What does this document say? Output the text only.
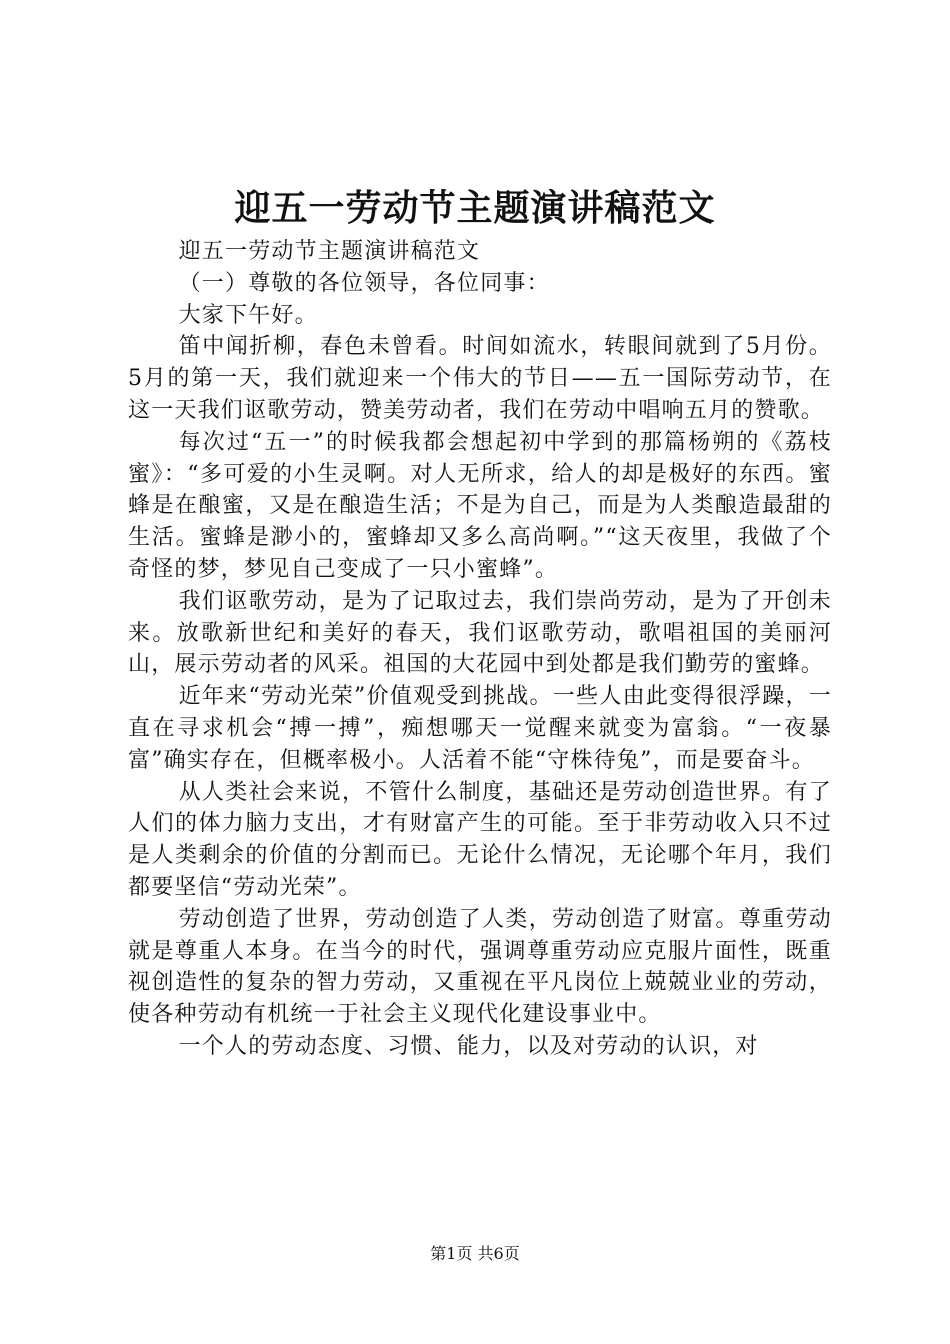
迎五一劳动节主题演讲稿范文

迎五一劳动节主题演讲稿范文

（一）尊敬的各位领导，各位同事：

大家下午好。

笛中闻折柳，春色未曾看。时间如流水，转眼间就到了5月份。5月的第一天，我们就迎来一个伟大的节日——五一国际劳动节，在这一天我们讴歌劳动，赞美劳动者，我们在劳动中唱响五月的赞歌。

每次过“五一”的时候我都会想起初中学到的那篇杨朔的《荔枝蜜》：“多可爱的小生灵啊。对人无所求，给人的却是极好的东西。蜜蜂是在酿蜜，又是在酿造生活；不是为自己，而是为人类酿造最甜的生活。蜜蜂是渺小的，蜜蜂却又多么高尚啊。”“这天夜里，我做了个奇怪的梦，梦见自己变成了一只小蜜蜂”。

我们讴歌劳动，是为了记取过去，我们崇尚劳动，是为了开创未来。放歌新世纪和美好的春天，我们讴歌劳动，歌唱祖国的美丽河山，展示劳动者的风采。祖国的大花园中到处都是我们勤劳的蜜蜂。

近年来“劳动光荣”价值观受到挑战。一些人由此变得很浮躁，一直在寻求机会“搏一搏”，痴想哪天一觉醒来就变为富翁。“一夜暴富”确实存在，但概率极小。人活着不能“守株待兔”，而是要奋斗。

从人类社会来说，不管什么制度，基础还是劳动创造世界。有了人们的体力脑力支出，才有财富产生的可能。至于非劳动收入只不过是人类剩余的价值的分割而已。无论什么情况，无论哪个年月，我们都要坚信“劳动光荣”。

劳动创造了世界，劳动创造了人类，劳动创造了财富。尊重劳动就是尊重人本身。在当今的时代，强调尊重劳动应克服片面性，既重视创造性的复杂的智力劳动，又重视在平凡岗位上兢兢业业的劳动，使各种劳动有机统一于社会主义现代化建设事业中。

一个人的劳动态度、习惯、能力，以及对劳动的认识，对

第1页 共6页
